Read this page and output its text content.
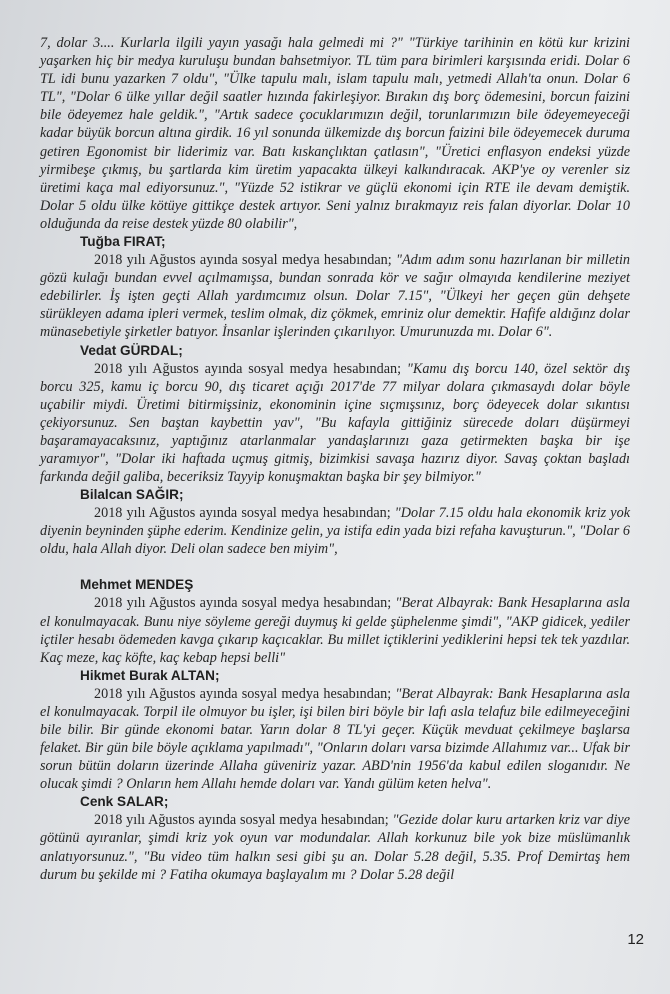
7, dolar 3.... Kurlarla ilgili yayın yasağı hala gelmedi mi ?" "Türkiye tarihinin en kötü kur krizini yaşarken hiç bir medya kuruluşu bundan bahsetmiyor. TL tüm para birimleri karşısında eridi. Dolar 6 TL idi bunu yazarken 7 oldu", "Ülke tapulu malı, islam tapulu malı, yetmedi Allah'ta onun. Dolar 6 TL", "Dolar 6 ülke yıllar değil saatler hızında fakirleşiyor. Bırakın dış borç ödemesini, borcun faizini bile ödeyemez hale geldik.", "Artık sadece çocuklarımızın değil, torunlarımızın bile ödeyemeyeceği kadar büyük borcun altına girdik. 16 yıl sonunda ülkemizde dış borcun faizini bile ödeyemecek duruma getiren Egonomist bir liderimiz var. Batı kıskançlıktan çatlasın", "Üretici enflasyon endeksi yüzde yirmibeşe çıkmış, bu şartlarda kim üretim yapacakta ülkeyi kalkındıracak. AKP'ye oy verenler siz üretimi kaça mal ediyorsunuz.", "Yüzde 52 istikrar ve güçlü ekonomi için RTE ile devam demiştik. Dolar 5 oldu ülke kötüye gittikçe destek artıyor. Seni yalnız bırakmayız reis falan diyorlar. Dolar 10 olduğunda da reise destek yüzde 80 olabilir",

Tuğba FIRAT;

2018 yılı Ağustos ayında sosyal medya hesabından; "Adım adım sonu hazırlanan bir milletin gözü kulağı bundan evvel açılmamışsa, bundan sonrada kör ve sağır olmayıda kendilerine meziyet edebilirler. İş işten geçti Allah yardımcımız olsun. Dolar 7.15", "Ülkeyi her geçen gün dehşete sürükleyen adama ipleri vermek, teslim olmak, diz çökmek, emriniz olur demektir. Hafife aldığınz dolar münasebetiyle şirketler batıyor. İnsanlar işlerinden çıkarılıyor. Umurunuzda mı. Dolar 6".

Vedat GÜRDAL;

2018 yılı Ağustos ayında sosyal medya hesabından; "Kamu dış borcu 140, özel sektör dış borcu 325, kamu iç borcu 90, dış ticaret açığı 2017'de 77 milyar dolara çıkmasaydı dolar böyle uçabilir miydi. Üretimi bitirmişsiniz, ekonominin içine sıçmışsınız, borç ödeyecek dolar sıkıntısı çekiyorsunuz. Sen baştan kaybettin yav", "Bu kafayla gittiğiniz sürecede doları düşürmeyi başaramayacaksınız, yaptığınız atarlanmalar yandaşlarınızı gaza getirmekten başka bir işe yaramıyor", "Dolar iki haftada uçmuş gitmiş, bizimkisi savaşa hazırız diyor. Savaş çoktan başladı farkında değil galiba, beceriksiz Tayyip konuşmaktan başka bir şey bilmiyor."

Bilalcan SAĞIR;

2018 yılı Ağustos ayında sosyal medya hesabından; "Dolar 7.15 oldu hala ekonomik kriz yok diyenin beyninden şüphe ederim. Kendinize gelin, ya istifa edin yada bizi refaha kavuşturun.", "Dolar 6 oldu, hala Allah diyor. Deli olan sadece ben miyim",

Mehmet MENDEŞ

2018 yılı Ağustos ayında sosyal medya hesabından; "Berat Albayrak: Bank Hesaplarına asla el konulmayacak. Bunu niye söyleme gereği duymuş ki gelde şüphelenme şimdi", "AKP gidicek, yediler içtiler hesabı ödemeden kavga çıkarıp kaçıcaklar. Bu millet içtiklerini yediklerini hepsi tek tek yazdılar. Kaç meze, kaç köfte, kaç kebap hepsi belli"

Hikmet Burak ALTAN;

2018 yılı Ağustos ayında sosyal medya hesabından; "Berat Albayrak: Bank Hesaplarına asla el konulmayacak. Torpil ile olmuyor bu işler, işi bilen biri böyle bir lafı asla telafuz bile edilmeyeceğini bile bilir. Bir günde ekonomi batar. Yarın dolar 8 TL'yi geçer. Küçük mevduat çekilmeye başlarsa felaket. Bir gün bile böyle açıklama yapılmadı", "Onların doları varsa bizimde Allahımız var... Ufak bir sorun bütün doların üzerinde Allaha güveniriz yazar. ABD'nin 1956'da kabul edilen sloganıdır. Ne olucak şimdi ? Onların hem Allahı hemde doları var. Yandı gülüm keten helva".

Cenk SALAR;

2018 yılı Ağustos ayında sosyal medya hesabından; "Gezide dolar kuru artarken kriz var diye götünü ayıranlar, şimdi kriz yok oyun var modundalar. Allah korkunuz bile yok bize müslümanlık anlatıyorsunuz.", "Bu video tüm halkın sesi gibi şu an. Dolar 5.28 değil, 5.35. Prof Demirtaş hem durum bu şekilde mi ? Fatiha okumaya başlayalım mı ? Dolar 5.28 değil

12
